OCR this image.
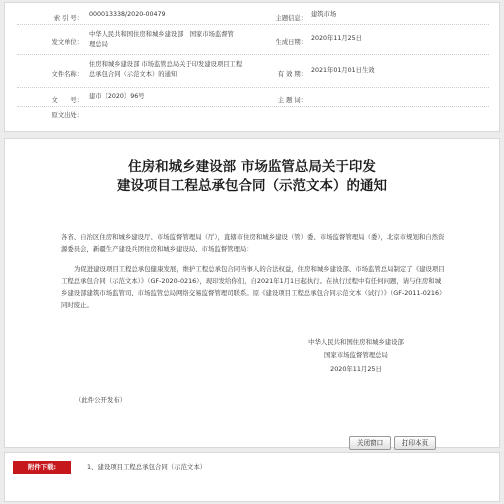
索 引 号：
000013338/2020-00479
主题信息：
建筑市场
发文单位：
中华人民共和国住房和城乡建设部　国家市场监督管理总局	生成日期：
2020年11月25日
文件名称：
住房和城乡建设部 市场监管总局关于印发建设项目工程总承包合同（示范文本）的通知	有 效 期：
2021年01月01日生效
文　　号：
建市〔2020〕96号
主 题 词：
原文出处：
住房和城乡建设部 市场监管总局关于印发
建设项目工程总承包合同（示范文本）的通知
各省、自治区住房和城乡建设厅、市场监督管理局（厅），直辖市住房和城乡建设（管）委、市场监督管理局（委），北京市规划和自然资源委员会，新疆生产建设兵团住房和城乡建设局、市场监督管理局：
为促进建设项目工程总承包健康发展，维护工程总承包合同当事人的合法权益，住房和城乡建设部、市场监管总局制定了《建设项目工程总承包合同（示范文本）》（GF-2020-0216），现印发给你们，自2021年1月1日起执行。在执行过程中有任何问题，请与住房和城乡建设部建筑市场监管司、市场监管总局网络交易监督管理司联系。原《建设项目工程总承包合同示范文本（试行）》（GF-2011-0216）同时废止。
中华人民共和国住房和城乡建设部
国家市场监督管理总局
2020年11月25日
（此件公开发布）
关闭窗口	打印本页
附件下载:	1、建设项目工程总承包合同（示范文本）
